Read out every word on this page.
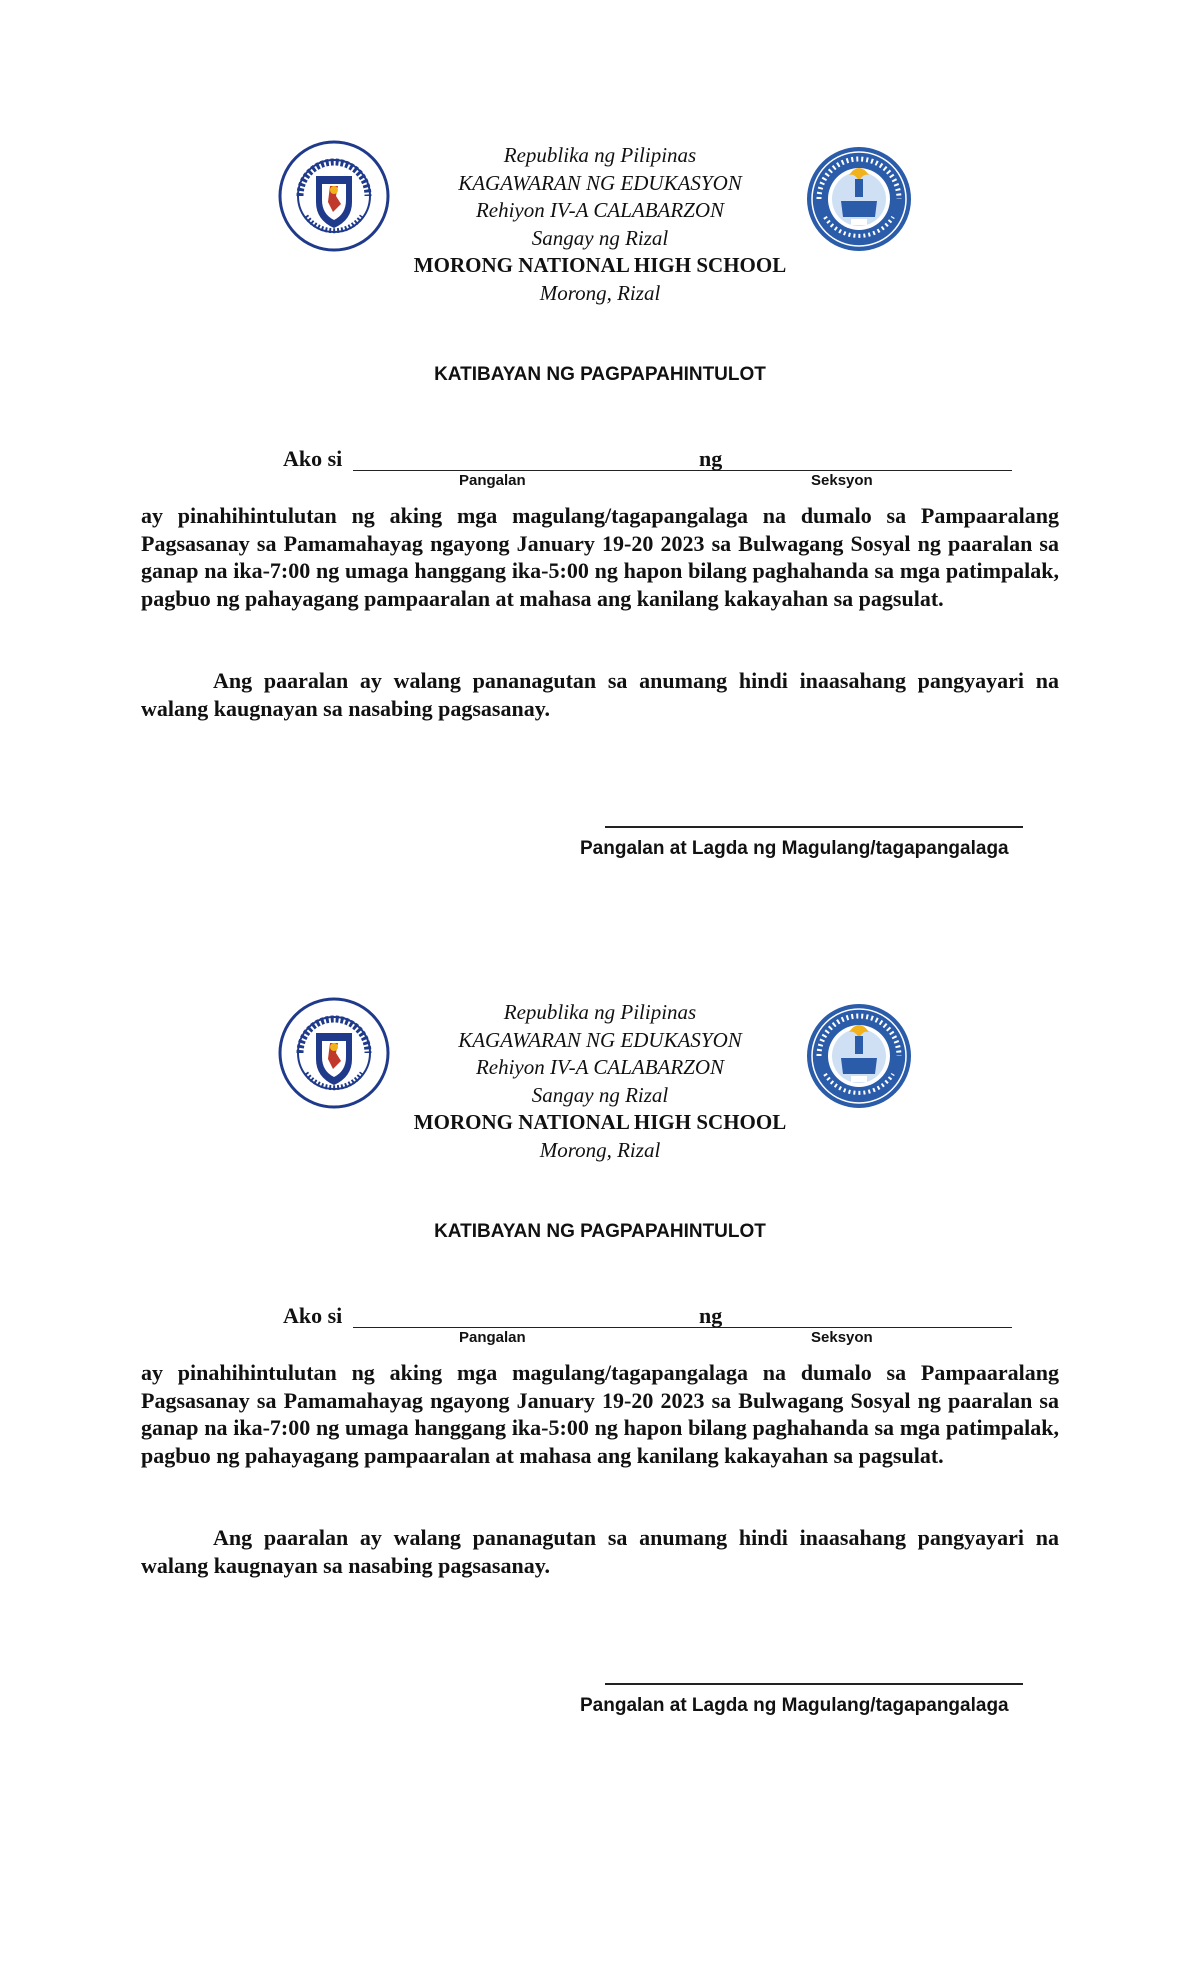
Republika ng Pilipinas
KAGAWARAN NG EDUKASYON
Rehiyon IV-A CALABARZON
Sangay ng Rizal
MORONG NATIONAL HIGH SCHOOL
Morong, Rizal
KATIBAYAN NG PAGPAPAHINTULOT
Ako si	ng
Pangalan	Seksyon
ay pinahihintulutan ng aking mga magulang/tagapangalaga na dumalo sa Pampaaralang Pagsasanay sa Pamamahayag ngayong January 19-20 2023 sa Bulwagang Sosyal ng paaralan sa ganap na ika-7:00 ng umaga hanggang ika-5:00 ng hapon bilang paghahanda sa mga patimpalak, pagbuo ng pahayagang pampaaralan at mahasa ang kanilang kakayahan sa pagsulat.
Ang paaralan ay walang pananagutan sa anumang hindi inaasahang pangyayari na walang kaugnayan sa nasabing pagsasanay.
Pangalan at Lagda ng Magulang/tagapangalaga
Republika ng Pilipinas
KAGAWARAN NG EDUKASYON
Rehiyon IV-A CALABARZON
Sangay ng Rizal
MORONG NATIONAL HIGH SCHOOL
Morong, Rizal
KATIBAYAN NG PAGPAPAHINTULOT
Ako si	ng
Pangalan	Seksyon
ay pinahihintulutan ng aking mga magulang/tagapangalaga na dumalo sa Pampaaralang Pagsasanay sa Pamamahayag ngayong January 19-20 2023 sa Bulwagang Sosyal ng paaralan sa ganap na ika-7:00 ng umaga hanggang ika-5:00 ng hapon bilang paghahanda sa mga patimpalak, pagbuo ng pahayagang pampaaralan at mahasa ang kanilang kakayahan sa pagsulat.
Ang paaralan ay walang pananagutan sa anumang hindi inaasahang pangyayari na walang kaugnayan sa nasabing pagsasanay.
Pangalan at Lagda ng Magulang/tagapangalaga
